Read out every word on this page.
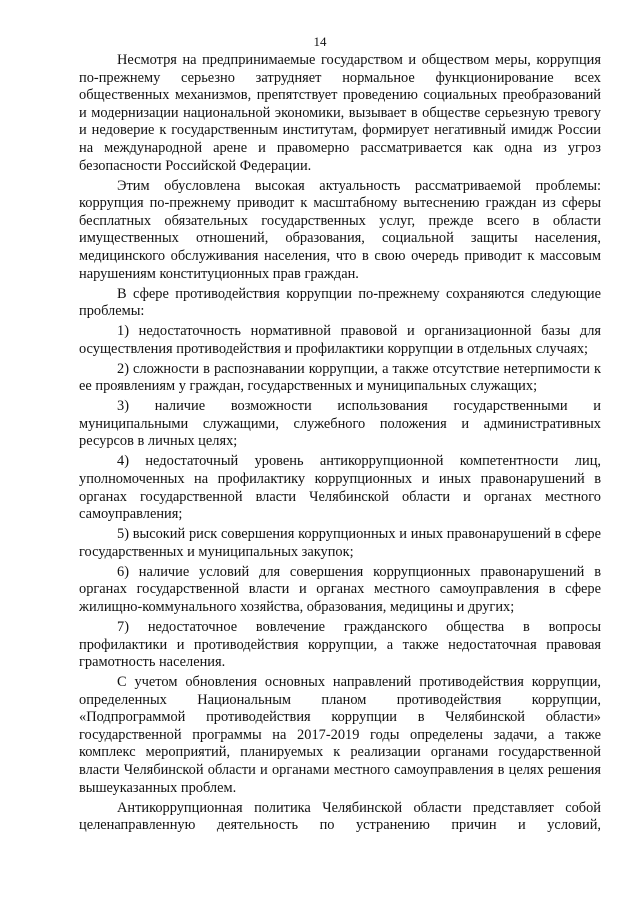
14

Несмотря на предпринимаемые государством и обществом меры, коррупция по-прежнему серьезно затрудняет нормальное функционирование всех общественных механизмов, препятствует проведению социальных преобразований и модернизации национальной экономики, вызывает в обществе серьезную тревогу и недоверие к государственным институтам, формирует негативный имидж России на международной арене и правомерно рассматривается как одна из угроз безопасности Российской Федерации.

Этим обусловлена высокая актуальность рассматриваемой проблемы: коррупция по-прежнему приводит к масштабному вытеснению граждан из сферы бесплатных обязательных государственных услуг, прежде всего в области имущественных отношений, образования, социальной защиты населения, медицинского обслуживания населения, что в свою очередь приводит к массовым нарушениям конституционных прав граждан.

В сфере противодействия коррупции по-прежнему сохраняются следующие проблемы:

1) недостаточность нормативной правовой и организационной базы для осуществления противодействия и профилактики коррупции в отдельных случаях;

2) сложности в распознавании коррупции, а также отсутствие нетерпимости к ее проявлениям у граждан, государственных и муниципальных служащих;

3) наличие возможности использования государственными и муниципальными служащими, служебного положения и административных ресурсов в личных целях;

4) недостаточный уровень антикоррупционной компетентности лиц, уполномоченных на профилактику коррупционных и иных правонарушений в органах государственной власти Челябинской области и органах местного самоуправления;

5) высокий риск совершения коррупционных и иных правонарушений в сфере государственных и муниципальных закупок;

6) наличие условий для совершения коррупционных правонарушений в органах государственной власти и органах местного самоуправления в сфере жилищно-коммунального хозяйства, образования, медицины и других;

7) недостаточное вовлечение гражданского общества в вопросы профилактики и противодействия коррупции, а также недостаточная правовая грамотность населения.

С учетом обновления основных направлений противодействия коррупции, определенных Национальным планом противодействия коррупции, «Подпрограммой противодействия коррупции в Челябинской области» государственной программы на 2017-2019 годы определены задачи, а также комплекс мероприятий, планируемых к реализации органами государственной власти Челябинской области и органами местного самоуправления в целях решения вышеуказанных проблем.

Антикоррупционная политика Челябинской области представляет собой целенаправленную деятельность по устранению причин и условий,
